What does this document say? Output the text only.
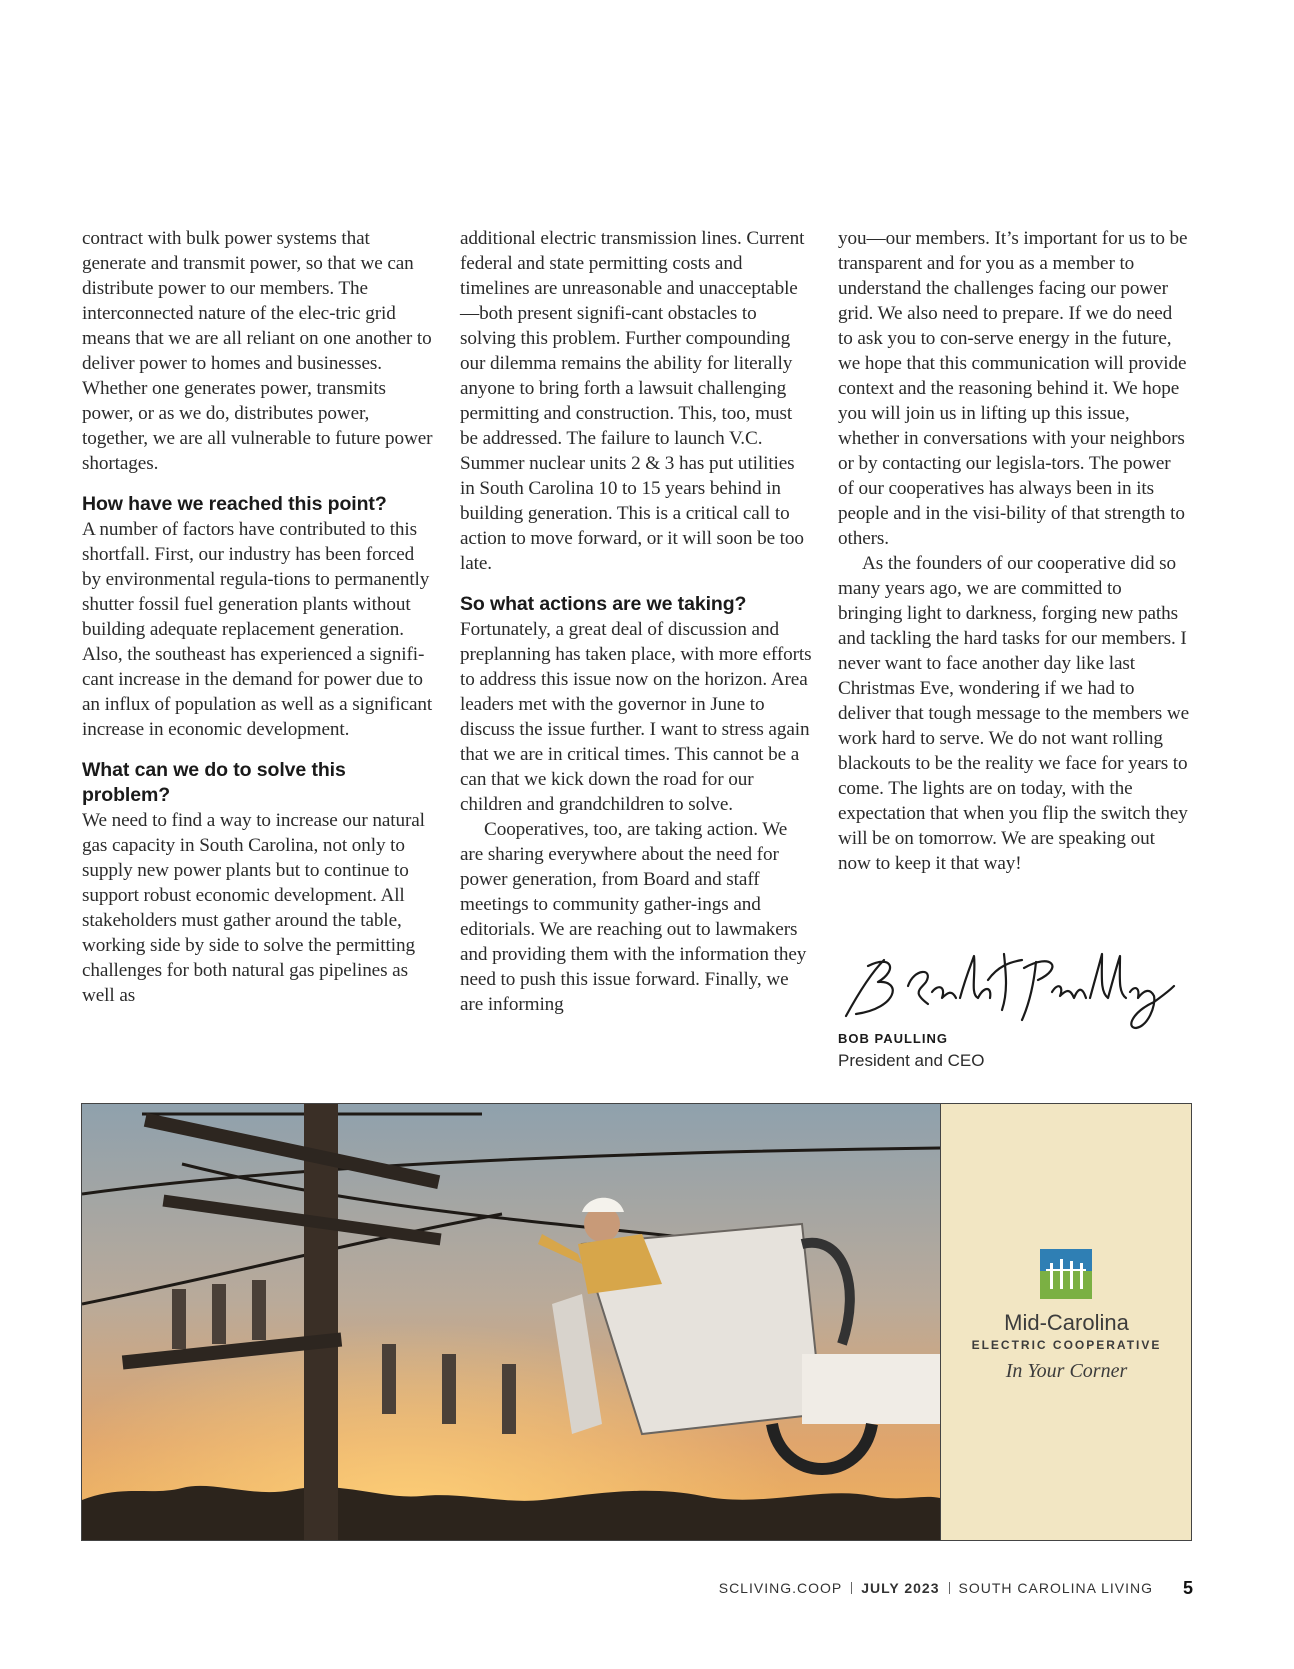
contract with bulk power systems that generate and transmit power, so that we can distribute power to our members. The interconnected nature of the elec-tric grid means that we are all reliant on one another to deliver power to homes and businesses. Whether one generates power, transmits power, or as we do, distributes power, together, we are all vulnerable to future power shortages.

How have we reached this point?

A number of factors have contributed to this shortfall. First, our industry has been forced by environmental regula-tions to permanently shutter fossil fuel generation plants without building adequate replacement generation. Also, the southeast has experienced a signifi-cant increase in the demand for power due to an influx of population as well as a significant increase in economic development.

What can we do to solve this problem?

We need to find a way to increase our natural gas capacity in South Carolina, not only to supply new power plants but to continue to support robust economic development. All stakeholders must gather around the table, working side by side to solve the permitting challenges for both natural gas pipelines as well as

additional electric transmission lines. Current federal and state permitting costs and timelines are unreasonable and unacceptable—both present signifi-cant obstacles to solving this problem. Further compounding our dilemma remains the ability for literally anyone to bring forth a lawsuit challenging permitting and construction. This, too, must be addressed. The failure to launch V.C. Summer nuclear units 2 & 3 has put utilities in South Carolina 10 to 15 years behind in building generation. This is a critical call to action to move forward, or it will soon be too late.

So what actions are we taking?

Fortunately, a great deal of discussion and preplanning has taken place, with more efforts to address this issue now on the horizon. Area leaders met with the governor in June to discuss the issue further. I want to stress again that we are in critical times. This cannot be a can that we kick down the road for our children and grandchildren to solve.

Cooperatives, too, are taking action. We are sharing everywhere about the need for power generation, from Board and staff meetings to community gather-ings and editorials. We are reaching out to lawmakers and providing them with the information they need to push this issue forward. Finally, we are informing

you—our members. It’s important for us to be transparent and for you as a member to understand the challenges facing our power grid. We also need to prepare. If we do need to ask you to con-serve energy in the future, we hope that this communication will provide context and the reasoning behind it. We hope you will join us in lifting up this issue, whether in conversations with your neighbors or by contacting our legisla-tors. The power of our cooperatives has always been in its people and in the visi-bility of that strength to others.

As the founders of our cooperative did so many years ago, we are committed to bringing light to darkness, forging new paths and tackling the hard tasks for our members. I never want to face another day like last Christmas Eve, wondering if we had to deliver that tough message to the members we work hard to serve. We do not want rolling blackouts to be the reality we face for years to come. The lights are on today, with the expectation that when you flip the switch they will be on tomorrow. We are speaking out now to keep it that way!

BOB PAULLING
President and CEO
Mid-Carolina
ELECTRIC COOPERATIVE
In Your Corner
SCLIVING.COOP JULY 2023 SOUTH CAROLINA LIVING 5
